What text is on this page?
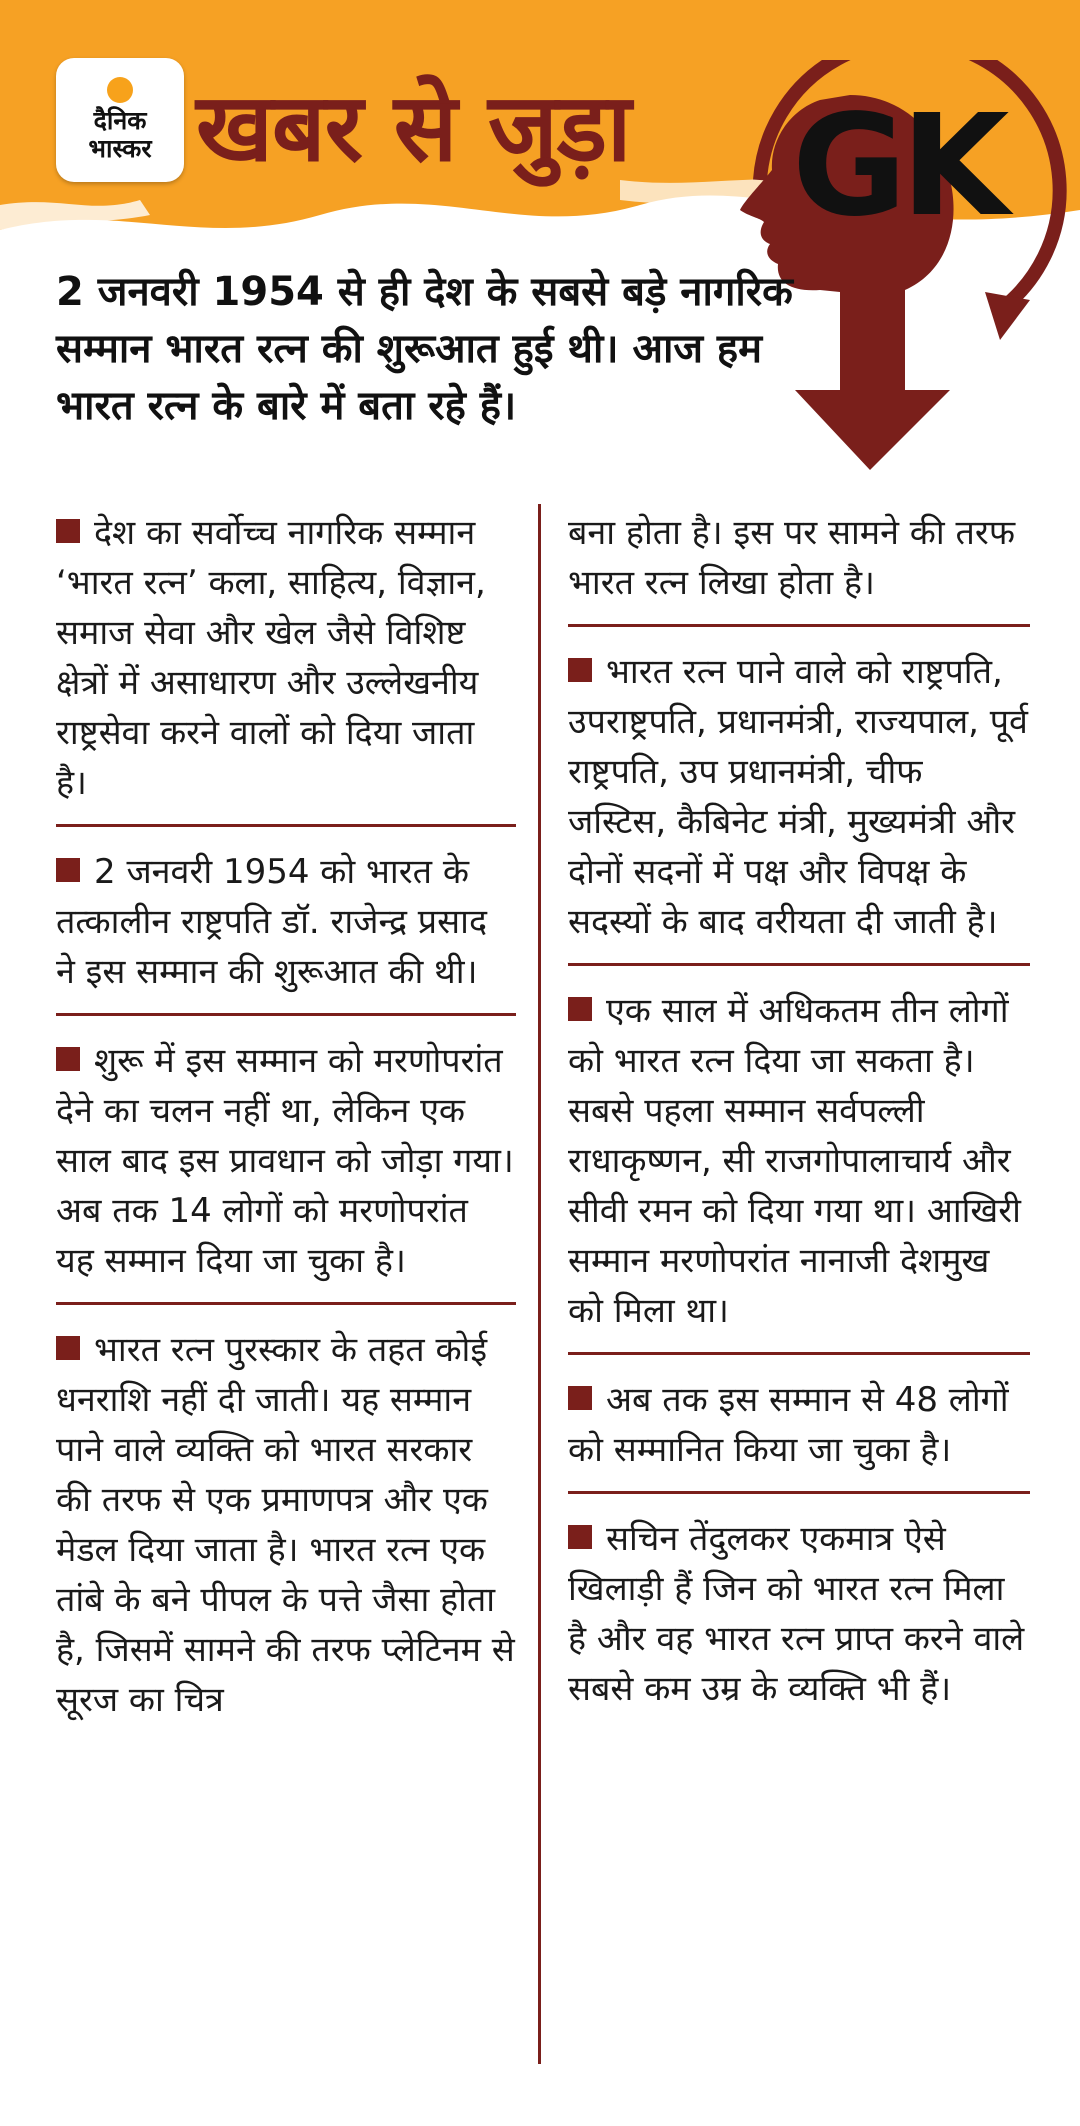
दैनिक
भास्कर खबर से जुड़ा GK
2 जनवरी 1954 से ही देश के सबसे बड़े नागरिक सम्मान भारत रत्न की शुरूआत हुई थी। आज हम भारत रत्न के बारे में बता रहे हैं।

देश का सर्वोच्च नागरिक सम्मान ‘भारत रत्न’ कला, साहित्य, विज्ञान, समाज सेवा और खेल जैसे विशिष्ट क्षेत्रों में असाधारण और उल्लेखनीय राष्ट्रसेवा करने वालों को दिया जाता है।

2 जनवरी 1954 को भारत के तत्कालीन राष्ट्रपति डॉ. राजेन्द्र प्रसाद ने इस सम्मान की शुरूआत की थी।

शुरू में इस सम्मान को मरणोपरांत देने का चलन नहीं था, लेकिन एक साल बाद इस प्रावधान को जोड़ा गया। अब तक 14 लोगों को मरणोपरांत यह सम्मान दिया जा चुका है।

भारत रत्न पुरस्कार के तहत कोई धनराशि नहीं दी जाती। यह सम्मान पाने वाले व्यक्ति को भारत सरकार की तरफ से एक प्रमाणपत्र और एक मेडल दिया जाता है। भारत रत्न एक तांबे के बने पीपल के पत्ते जैसा होता है, जिसमें सामने की तरफ प्लेटिनम से सूरज का चित्र

बना होता है। इस पर सामने की तरफ भारत रत्न लिखा होता है।

भारत रत्न पाने वाले को राष्ट्रपति, उपराष्ट्रपति, प्रधानमंत्री, राज्यपाल, पूर्व राष्ट्रपति, उप प्रधानमंत्री, चीफ जस्टिस, कैबिनेट मंत्री, मुख्यमंत्री और दोनों सदनों में पक्ष और विपक्ष के सदस्यों के बाद वरीयता दी जाती है।

एक साल में अधिकतम तीन लोगों को भारत रत्न दिया जा सकता है। सबसे पहला सम्मान सर्वपल्ली राधाकृष्णन, सी राजगोपालाचार्य और सीवी रमन को दिया गया था। आखिरी सम्मान मरणोपरांत नानाजी देशमुख को मिला था।

अब तक इस सम्मान से 48 लोगों को सम्मानित किया जा चुका है।

सचिन तेंदुलकर एकमात्र ऐसे खिलाड़ी हैं जिन को भारत रत्न मिला है और वह भारत रत्न प्राप्त करने वाले सबसे कम उम्र के व्यक्ति भी हैं।
